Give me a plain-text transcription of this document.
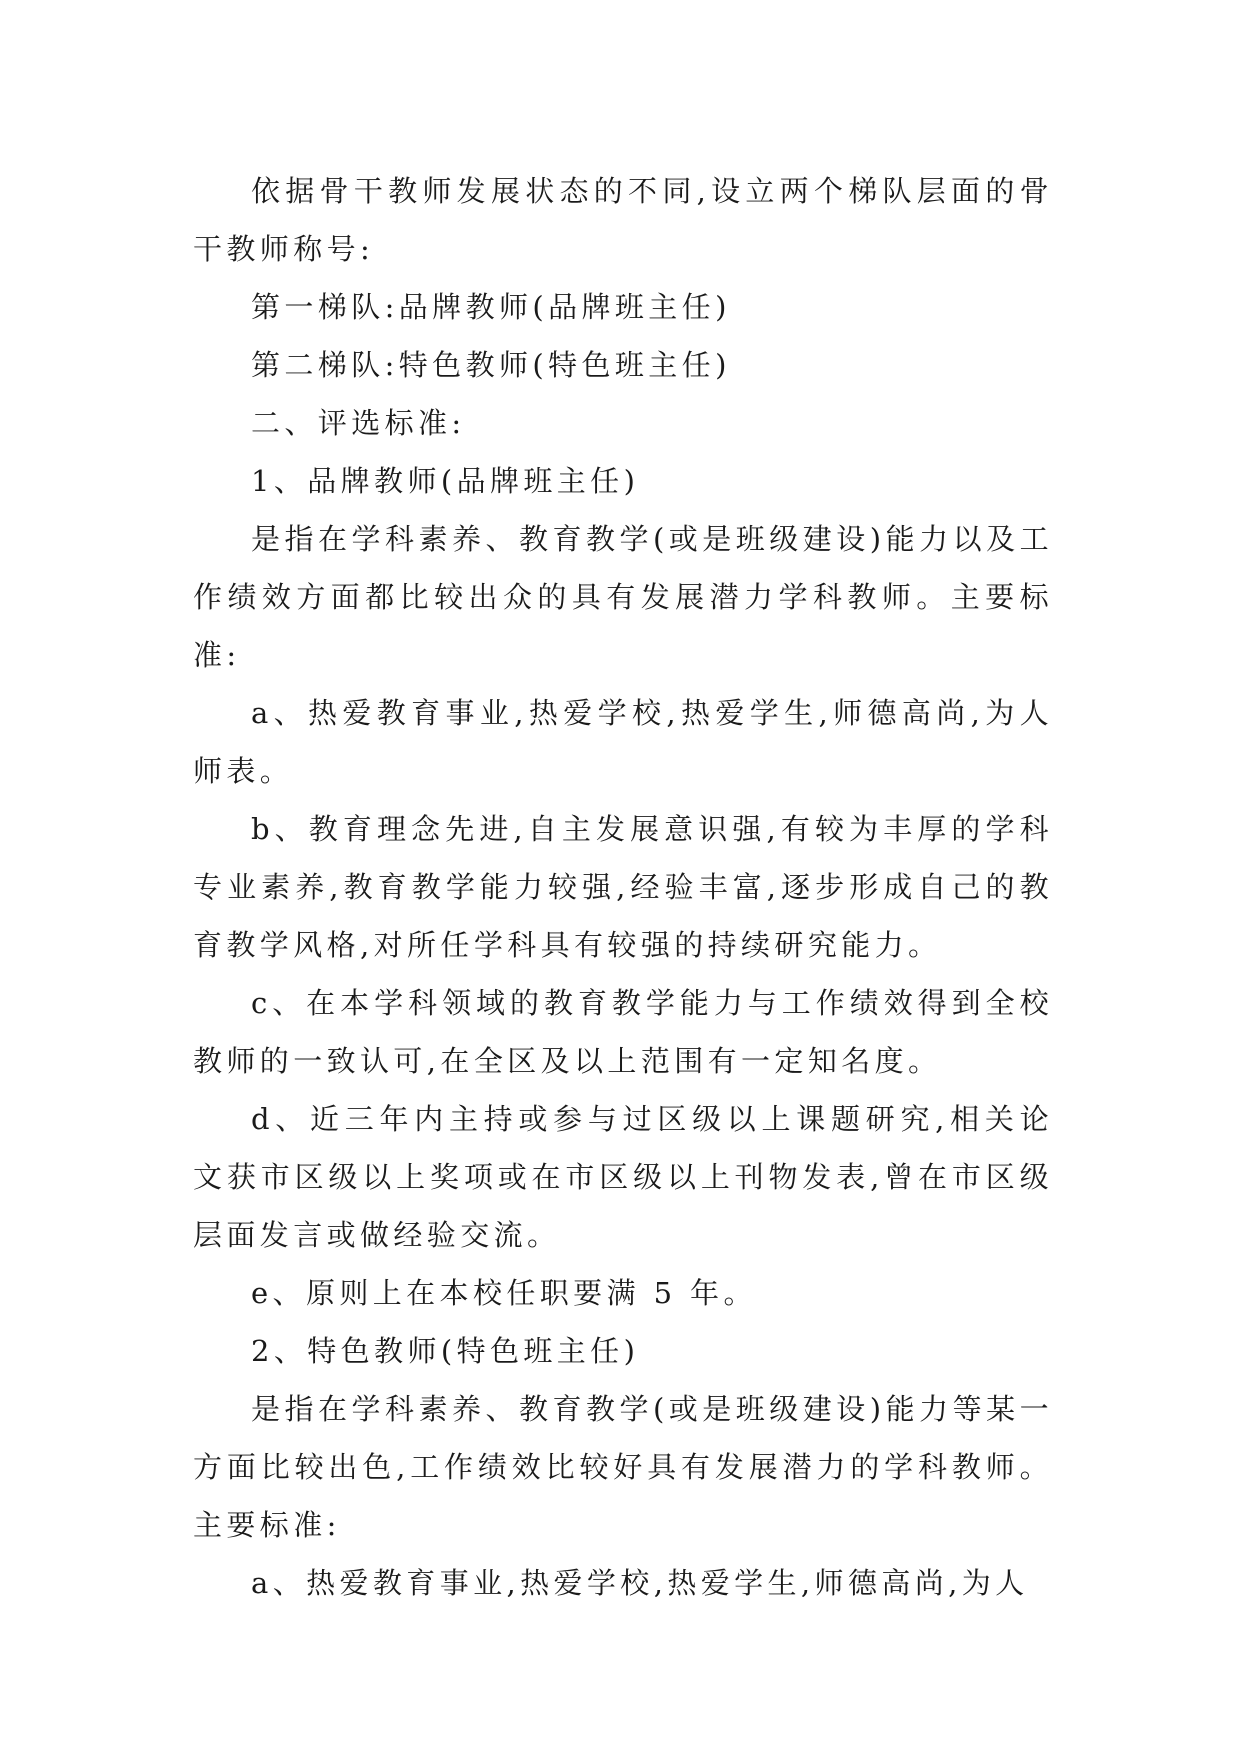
依据骨干教师发展状态的不同,设立两个梯队层面的骨干教师称号:

第一梯队:品牌教师(品牌班主任)

第二梯队:特色教师(特色班主任)

二、评选标准:

1、品牌教师(品牌班主任)

是指在学科素养、教育教学(或是班级建设)能力以及工作绩效方面都比较出众的具有发展潜力学科教师。主要标准:

a、热爱教育事业,热爱学校,热爱学生,师德高尚,为人师表。

b、教育理念先进,自主发展意识强,有较为丰厚的学科专业素养,教育教学能力较强,经验丰富,逐步形成自己的教育教学风格,对所任学科具有较强的持续研究能力。

c、在本学科领域的教育教学能力与工作绩效得到全校教师的一致认可,在全区及以上范围有一定知名度。

d、近三年内主持或参与过区级以上课题研究,相关论文获市区级以上奖项或在市区级以上刊物发表,曾在市区级层面发言或做经验交流。

e、原则上在本校任职要满 5 年。

2、特色教师(特色班主任)

是指在学科素养、教育教学(或是班级建设)能力等某一方面比较出色,工作绩效比较好具有发展潜力的学科教师。主要标准:

a、热爱教育事业,热爱学校,热爱学生,师德高尚,为人
